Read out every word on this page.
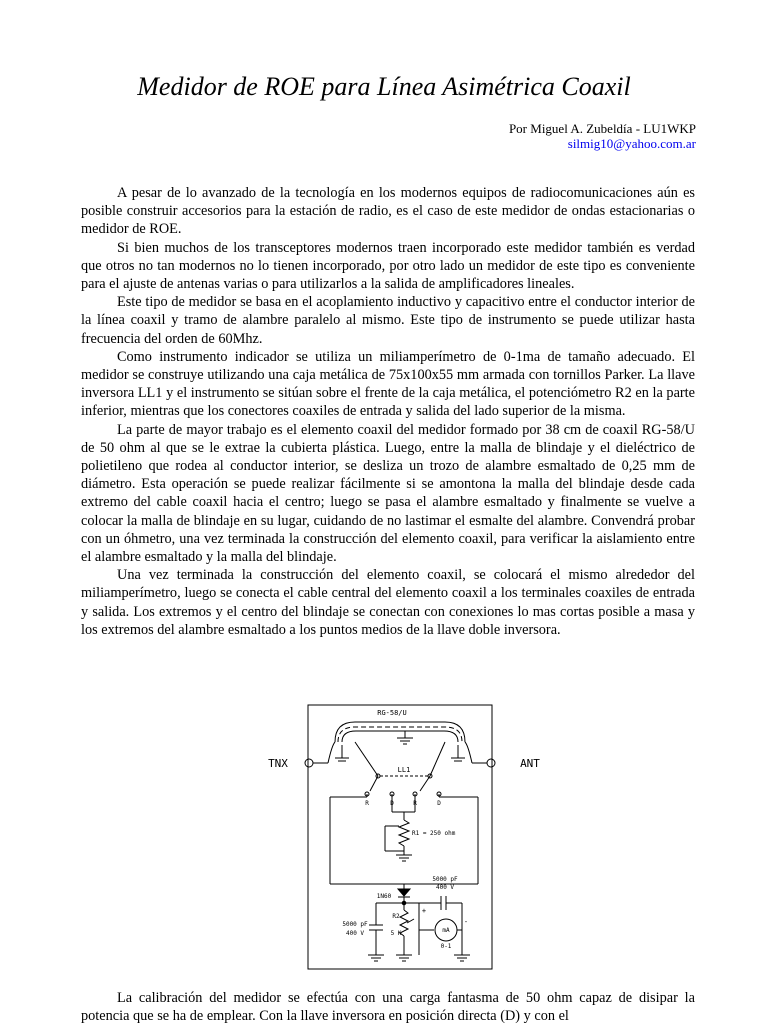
Medidor de ROE para Línea Asimétrica Coaxil
Por Miguel A. Zubeldía - LU1WKP
silmig10@yahoo.com.ar

A pesar de lo avanzado de la tecnología en los modernos equipos de radiocomunicaciones aún es posible construir accesorios para la estación de radio, es el caso de este medidor de ondas estacionarias o medidor de ROE.

Si bien muchos de los transceptores modernos traen incorporado este medidor también es verdad que otros no tan modernos no lo tienen incorporado, por otro lado un medidor de este tipo es conveniente para el ajuste de antenas varias o para utilizarlos a la salida de amplificadores lineales.

Este tipo de medidor se basa en el acoplamiento inductivo y capacitivo entre el conductor interior de la línea coaxil y tramo de alambre paralelo al mismo. Este tipo de instrumento se puede utilizar hasta frecuencia del orden de 60Mhz.

Como instrumento indicador se utiliza un miliamperímetro de 0-1ma de tamaño adecuado. El medidor se construye utilizando una caja metálica de 75x100x55 mm armada con tornillos Parker. La llave inversora LL1 y el instrumento se sitúan sobre el frente de la caja metálica, el potenciómetro R2 en la parte inferior, mientras que los conectores coaxiles de entrada y salida del lado superior de la misma.

La parte de mayor trabajo es el elemento coaxil del medidor formado por 38 cm de coaxil RG-58/U de 50 ohm al que se le extrae la cubierta plástica. Luego, entre la malla de blindaje y el dieléctrico de polietileno que rodea al conductor interior, se desliza un trozo de alambre esmaltado de 0,25 mm de diámetro. Esta operación se puede realizar fácilmente si se amontona la malla del blindaje desde cada extremo del cable coaxil hacia el centro; luego se pasa el alambre esmaltado y finalmente se vuelve a colocar la malla de blindaje en su lugar, cuidando de no lastimar el esmalte del alambre. Convendrá probar con un óhmetro, una vez terminada la construcción del elemento coaxil, para verificar la aislamiento entre el alambre esmaltado y la malla del blindaje.

Una vez terminada la construcción del elemento coaxil, se colocará el mismo alrededor del miliamperímetro, luego se conecta el cable central del elemento coaxil a los terminales coaxiles de entrada y salida. Los extremos y el centro del blindaje se conectan con conexiones lo mas cortas posible a masa y los extremos del alambre esmaltado a los puntos medios de la llave doble inversora.

RG-58/U
TNX	ANT
LL1
R	D	R	D
R1 = 250 ohm
1N60
5000 pF
400 V
mA
0-1
+
-
R2
5 K
5000 pF
400 V

La calibración del medidor se efectúa con una carga fantasma de 50 ohm capaz de disipar la potencia que se ha de emplear. Con la llave inversora en posición directa (D) y con el
